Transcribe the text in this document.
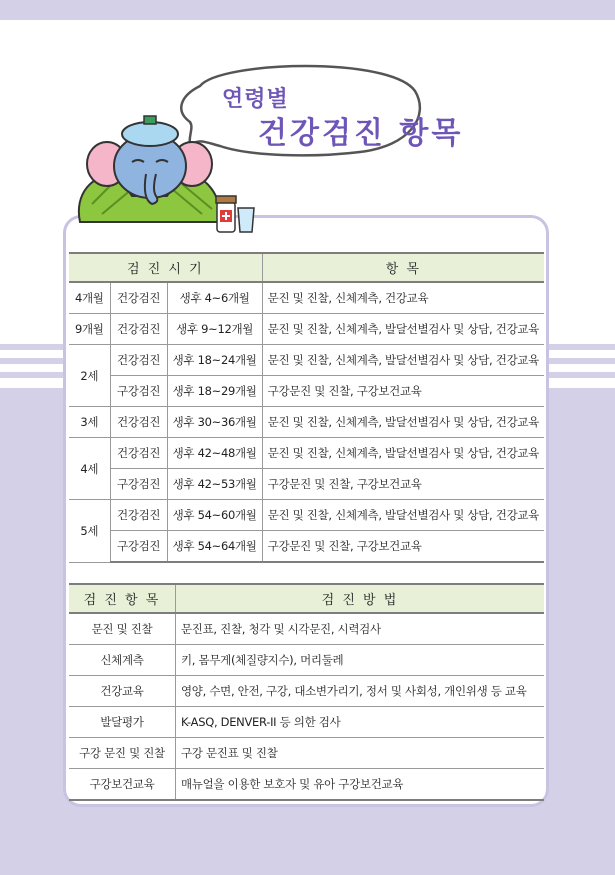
연령별
건강검진 항목
검 진 시 기			항 목
4개월	건강검진	생후 4~6개월	문진 및 진찰, 신체계측, 건강교육
9개월	건강검진	생후 9~12개월	문진 및 진찰, 신체계측, 발달선별검사 및 상담, 건강교육
2세	건강검진	생후 18~24개월	문진 및 진찰, 신체계측, 발달선별검사 및 상담, 건강교육
	구강검진	생후 18~29개월	구강문진 및 진찰, 구강보건교육
3세	건강검진	생후 30~36개월	문진 및 진찰, 신체계측, 발달선별검사 및 상담, 건강교육
4세	건강검진	생후 42~48개월	문진 및 진찰, 신체계측, 발달선별검사 및 상담, 건강교육
	구강검진	생후 42~53개월	구강문진 및 진찰, 구강보건교육
5세	건강검진	생후 54~60개월	문진 및 진찰, 신체계측, 발달선별검사 및 상담, 건강교육
	구강검진	생후 54~64개월	구강문진 및 진찰, 구강보건교육
검 진 항 목	검 진 방 법
문진 및 진찰	문진표, 진찰, 청각 및 시각문진, 시력검사
신체계측	키, 몸무게(체질량지수), 머리둘레
건강교육	영양, 수면, 안전, 구강, 대소변가리기, 정서 및 사회성, 개인위생 등 교육
발달평가	K-ASQ, DENVER-II 등 의한 검사
구강 문진 및 진찰	구강 문진표 및 진찰
구강보건교육	매뉴얼을 이용한 보호자 및 유아 구강보건교육
